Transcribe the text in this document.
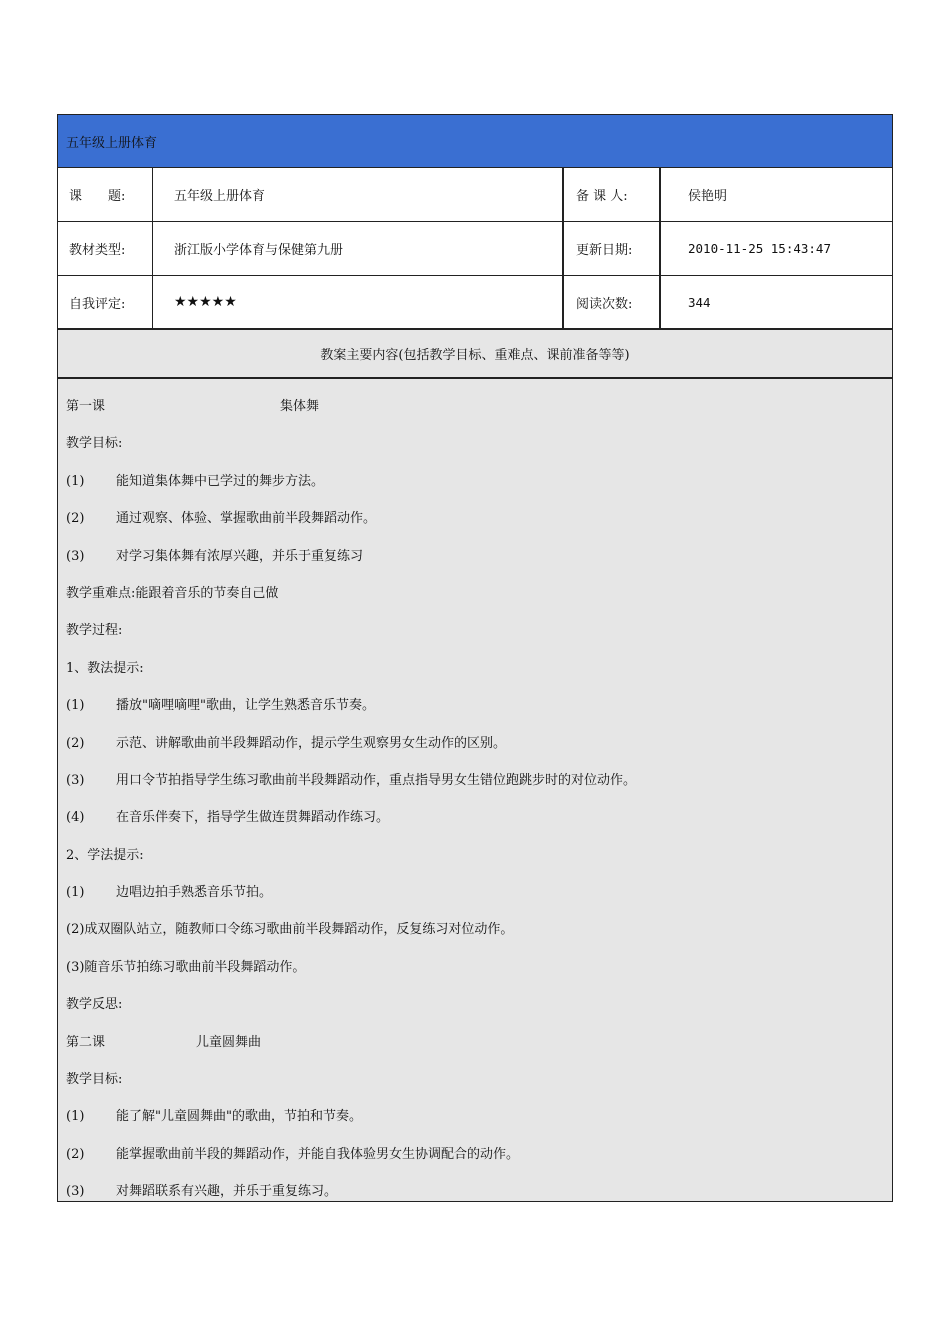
五年级上册体育
课　　题:	五年级上册体育	备 课 人:	侯艳明
教材类型:	浙江版小学体育与保健第九册	更新日期:	2010-11-25 15:43:47
自我评定:	★★★★★	阅读次数:	344
教案主要内容(包括教学目标、重难点、课前准备等等)
第一课	集体舞
教学目标:
(1) 能知道集体舞中已学过的舞步方法。
(2) 通过观察、体验、掌握歌曲前半段舞蹈动作。
(3) 对学习集体舞有浓厚兴趣，并乐于重复练习
教学重难点:能跟着音乐的节奏自己做
教学过程:
1、教法提示:
(1) 播放"嘀哩嘀哩"歌曲，让学生熟悉音乐节奏。
(2) 示范、讲解歌曲前半段舞蹈动作，提示学生观察男女生动作的区别。
(3) 用口令节拍指导学生练习歌曲前半段舞蹈动作，重点指导男女生错位跑跳步时的对位动作。
(4) 在音乐伴奏下，指导学生做连贯舞蹈动作练习。
2、学法提示:
(1) 边唱边拍手熟悉音乐节拍。
(2)成双圈队站立，随教师口令练习歌曲前半段舞蹈动作，反复练习对位动作。
(3)随音乐节拍练习歌曲前半段舞蹈动作。
教学反思:
第二课	儿童圆舞曲
教学目标:
(1) 能了解"儿童圆舞曲"的歌曲，节拍和节奏。
(2) 能掌握歌曲前半段的舞蹈动作，并能自我体验男女生协调配合的动作。
(3) 对舞蹈联系有兴趣，并乐于重复练习。
